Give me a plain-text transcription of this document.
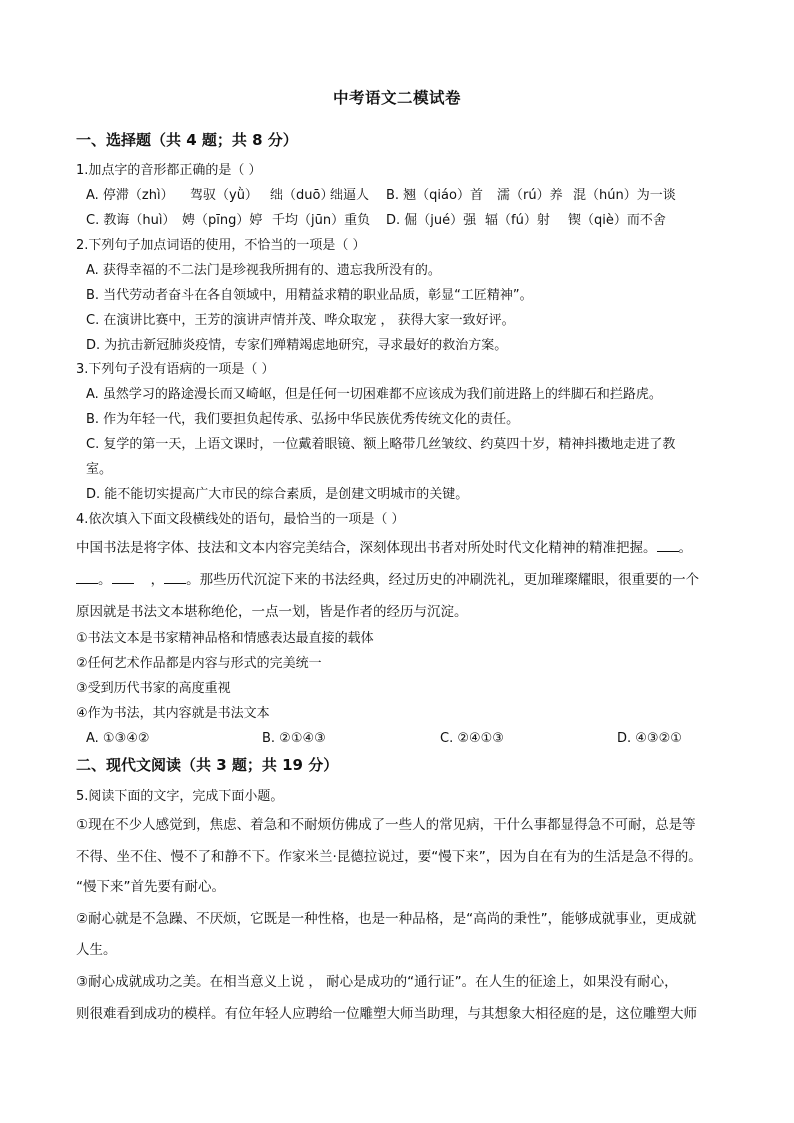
中考语文二模试卷
一、选择题（共 4 题；共 8 分）
1.加点字的音形都正确的是（ ）
A. 停滞（zhì） 驾驭（yǜ） 绌（duō）
绌逼人 B. 翘（qiáo）首 濡（rú）养 混（hún）为一谈
C. 教诲（huì） 娉（pīng）婷 千均（jūn）重负 D. 倔（jué）强 辐（fú）射 锲（qiè）而不舍
2.下列句子加点词语的使用，不恰当的一项是（ ）
A. 获得幸福的不二法门是珍视我所拥有的、遗忘我所没有的。
B. 当代劳动者奋斗在各自领域中，用精益求精的职业品质，彰显“工匠精神”。
C. 在演讲比赛中，王芳的演讲声情并茂、哗众取宠 ， 获得大家一致好评。
D. 为抗击新冠肺炎疫情，专家们殚精竭虑地研究，寻求最好的救治方案。
3.下列句子没有语病的一项是（ ）
A. 虽然学习的路途漫长而又崎岖，但是任何一切困难都不应该成为我们前进路上的绊脚石和拦路虎。
B. 作为年轻一代，我们要担负起传承、弘扬中华民族优秀传统文化的责任。
C. 复学的第一天，上语文课时，一位戴着眼镜、额上略带几丝皱纹、约莫四十岁，精神抖擞地走进了教
室。
D. 能不能切实提高广大市民的综合素质，是创建文明城市的关键。
4.依次填入下面文段横线处的语句，最恰当的一项是（ ）
中国书法是将字体、技法和文本内容完美结合，深刻体现出书者对所处时代文化精神的精准把握。 。
。    ， 。那些历代沉淀下来的书法经典，经过历史的冲刷洗礼，更加璀璨耀眼，很重要的一个
原因就是书法文本堪称绝伦，一点一划，皆是作者的经历与沉淀。
①书法文本是书家精神品格和情感表达最直接的载体
②任何艺术作品都是内容与形式的完美统一
③受到历代书家的高度重视
④作为书法，其内容就是书法文本
A. ①③④②	B. ②①④③	C. ②④①③	D. ④③②①
二、现代文阅读（共 3 题；共 19 分）
5.阅读下面的文字，完成下面小题。
①现在不少人感觉到，焦虑、着急和不耐烦仿佛成了一些人的常见病，干什么事都显得急不可耐，总是等
不得、坐不住、慢不了和静不下。作家米兰·昆德拉说过，要“慢下来”，因为自在有为的生活是急不得的。
“慢下来”首先要有耐心。
②耐心就是不急躁、不厌烦，它既是一种性格，也是一种品格，是“高尚的秉性”，能够成就事业，更成就
人生。
③耐心成就成功之美。在相当意义上说 ， 耐心是成功的“通行证”。在人生的征途上，如果没有耐心，
则很难看到成功的模样。有位年轻人应聘给一位雕塑大师当助理，与其想象大相径庭的是，这位雕塑大师
